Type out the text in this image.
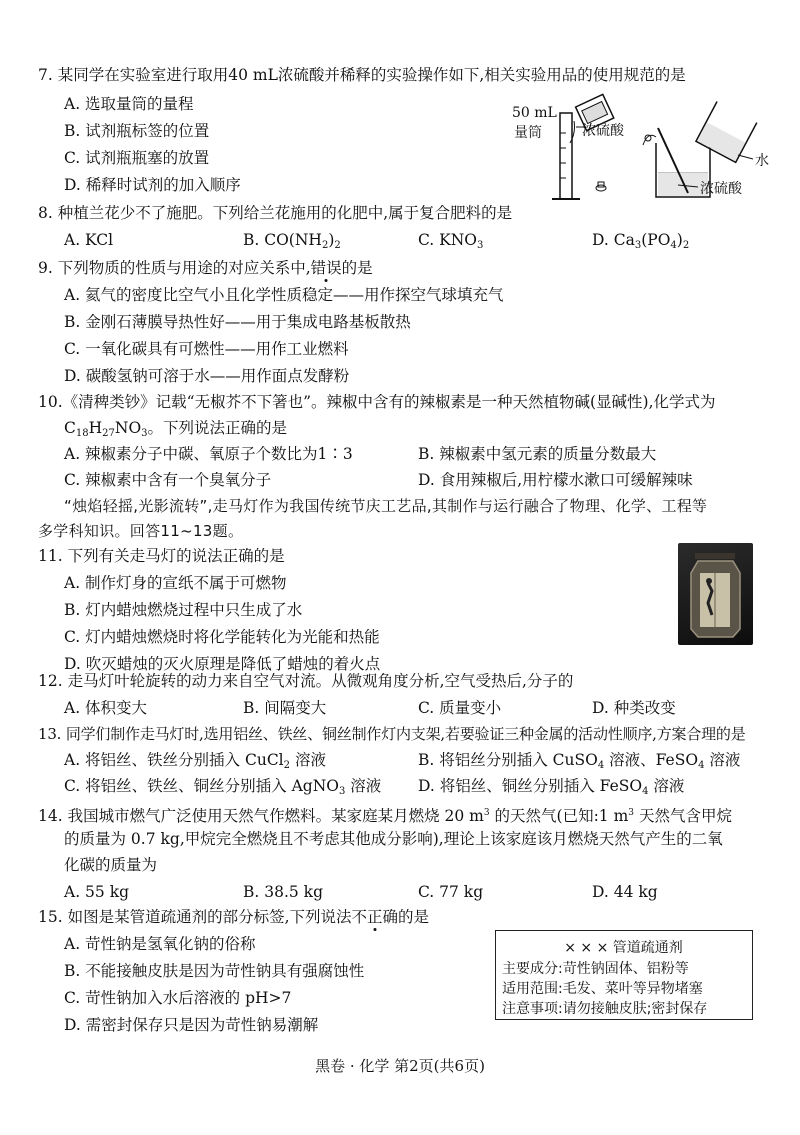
7. 某同学在实验室进行取用40 mL浓硫酸并稀释的实验操作如下,相关实验用品的使用规范的是
A. 选取量筒的量程
B. 试剂瓶标签的位置
C. 试剂瓶瓶塞的放置
D. 稀释时试剂的加入顺序
50 mL
量筒	浓硫酸
水
浓硫酸
8. 种植兰花少不了施肥。下列给兰花施用的化肥中,属于复合肥料的是
A. KCl	B. CO(NH2)2	C. KNO3	D. Ca3(PO4)2
9. 下列物质的性质与用途的对应关系中,错误的是
A. 氦气的密度比空气小且化学性质稳定——用作探空气球填充气
B. 金刚石薄膜导热性好——用于集成电路基板散热
C. 一氧化碳具有可燃性——用作工业燃料
D. 碳酸氢钠可溶于水——用作面点发酵粉
10.《清稗类钞》记载“无椒芥不下箸也”。辣椒中含有的辣椒素是一种天然植物碱(显碱性),化学式为
C18H27NO3。下列说法正确的是
A. 辣椒素分子中碳、氧原子个数比为1∶3	B. 辣椒素中氢元素的质量分数最大
C. 辣椒素中含有一个臭氧分子	D. 食用辣椒后,用柠檬水漱口可缓解辣味
“烛焰轻摇,光影流转”,走马灯作为我国传统节庆工艺品,其制作与运行融合了物理、化学、工程等
多学科知识。回答11~13题。
11. 下列有关走马灯的说法正确的是
A. 制作灯身的宣纸不属于可燃物
B. 灯内蜡烛燃烧过程中只生成了水
C. 灯内蜡烛燃烧时将化学能转化为光能和热能
D. 吹灭蜡烛的灭火原理是降低了蜡烛的着火点
12. 走马灯叶轮旋转的动力来自空气对流。从微观角度分析,空气受热后,分子的
A. 体积变大	B. 间隔变大	C. 质量变小	D. 种类改变
13. 同学们制作走马灯时,选用铝丝、铁丝、铜丝制作灯内支架,若要验证三种金属的活动性顺序,方案合理的是
A. 将铝丝、铁丝分别插入 CuCl2 溶液	B. 将铝丝分别插入 CuSO4 溶液、FeSO4 溶液
C. 将铝丝、铁丝、铜丝分别插入 AgNO3 溶液 D. 将铝丝、铜丝分别插入 FeSO4 溶液
14. 我国城市燃气广泛使用天然气作燃料。某家庭某月燃烧 20 $m^3$ 的天然气(已知:1 $m^3$ 天然气含甲烷
的质量为 0.7 kg,甲烷完全燃烧且不考虑其他成分影响),理论上该家庭该月燃烧天然气产生的二氧
化碳的质量为
A. 55 kg	B. 38.5 kg	C. 77 kg	D. 44 kg
15. 如图是某管道疏通剂的部分标签,下列说法不正确的是
A. 苛性钠是氢氧化钠的俗称
B. 不能接触皮肤是因为苛性钠具有强腐蚀性
C. 苛性钠加入水后溶液的 pH>7
D. 需密封保存只是因为苛性钠易潮解
× × × 管道疏通剂
主要成分:苛性钠固体、铝粉等
适用范围:毛发、菜叶等异物堵塞
注意事项:请勿接触皮肤;密封保存
黑卷 · 化学 第2页(共6页)
